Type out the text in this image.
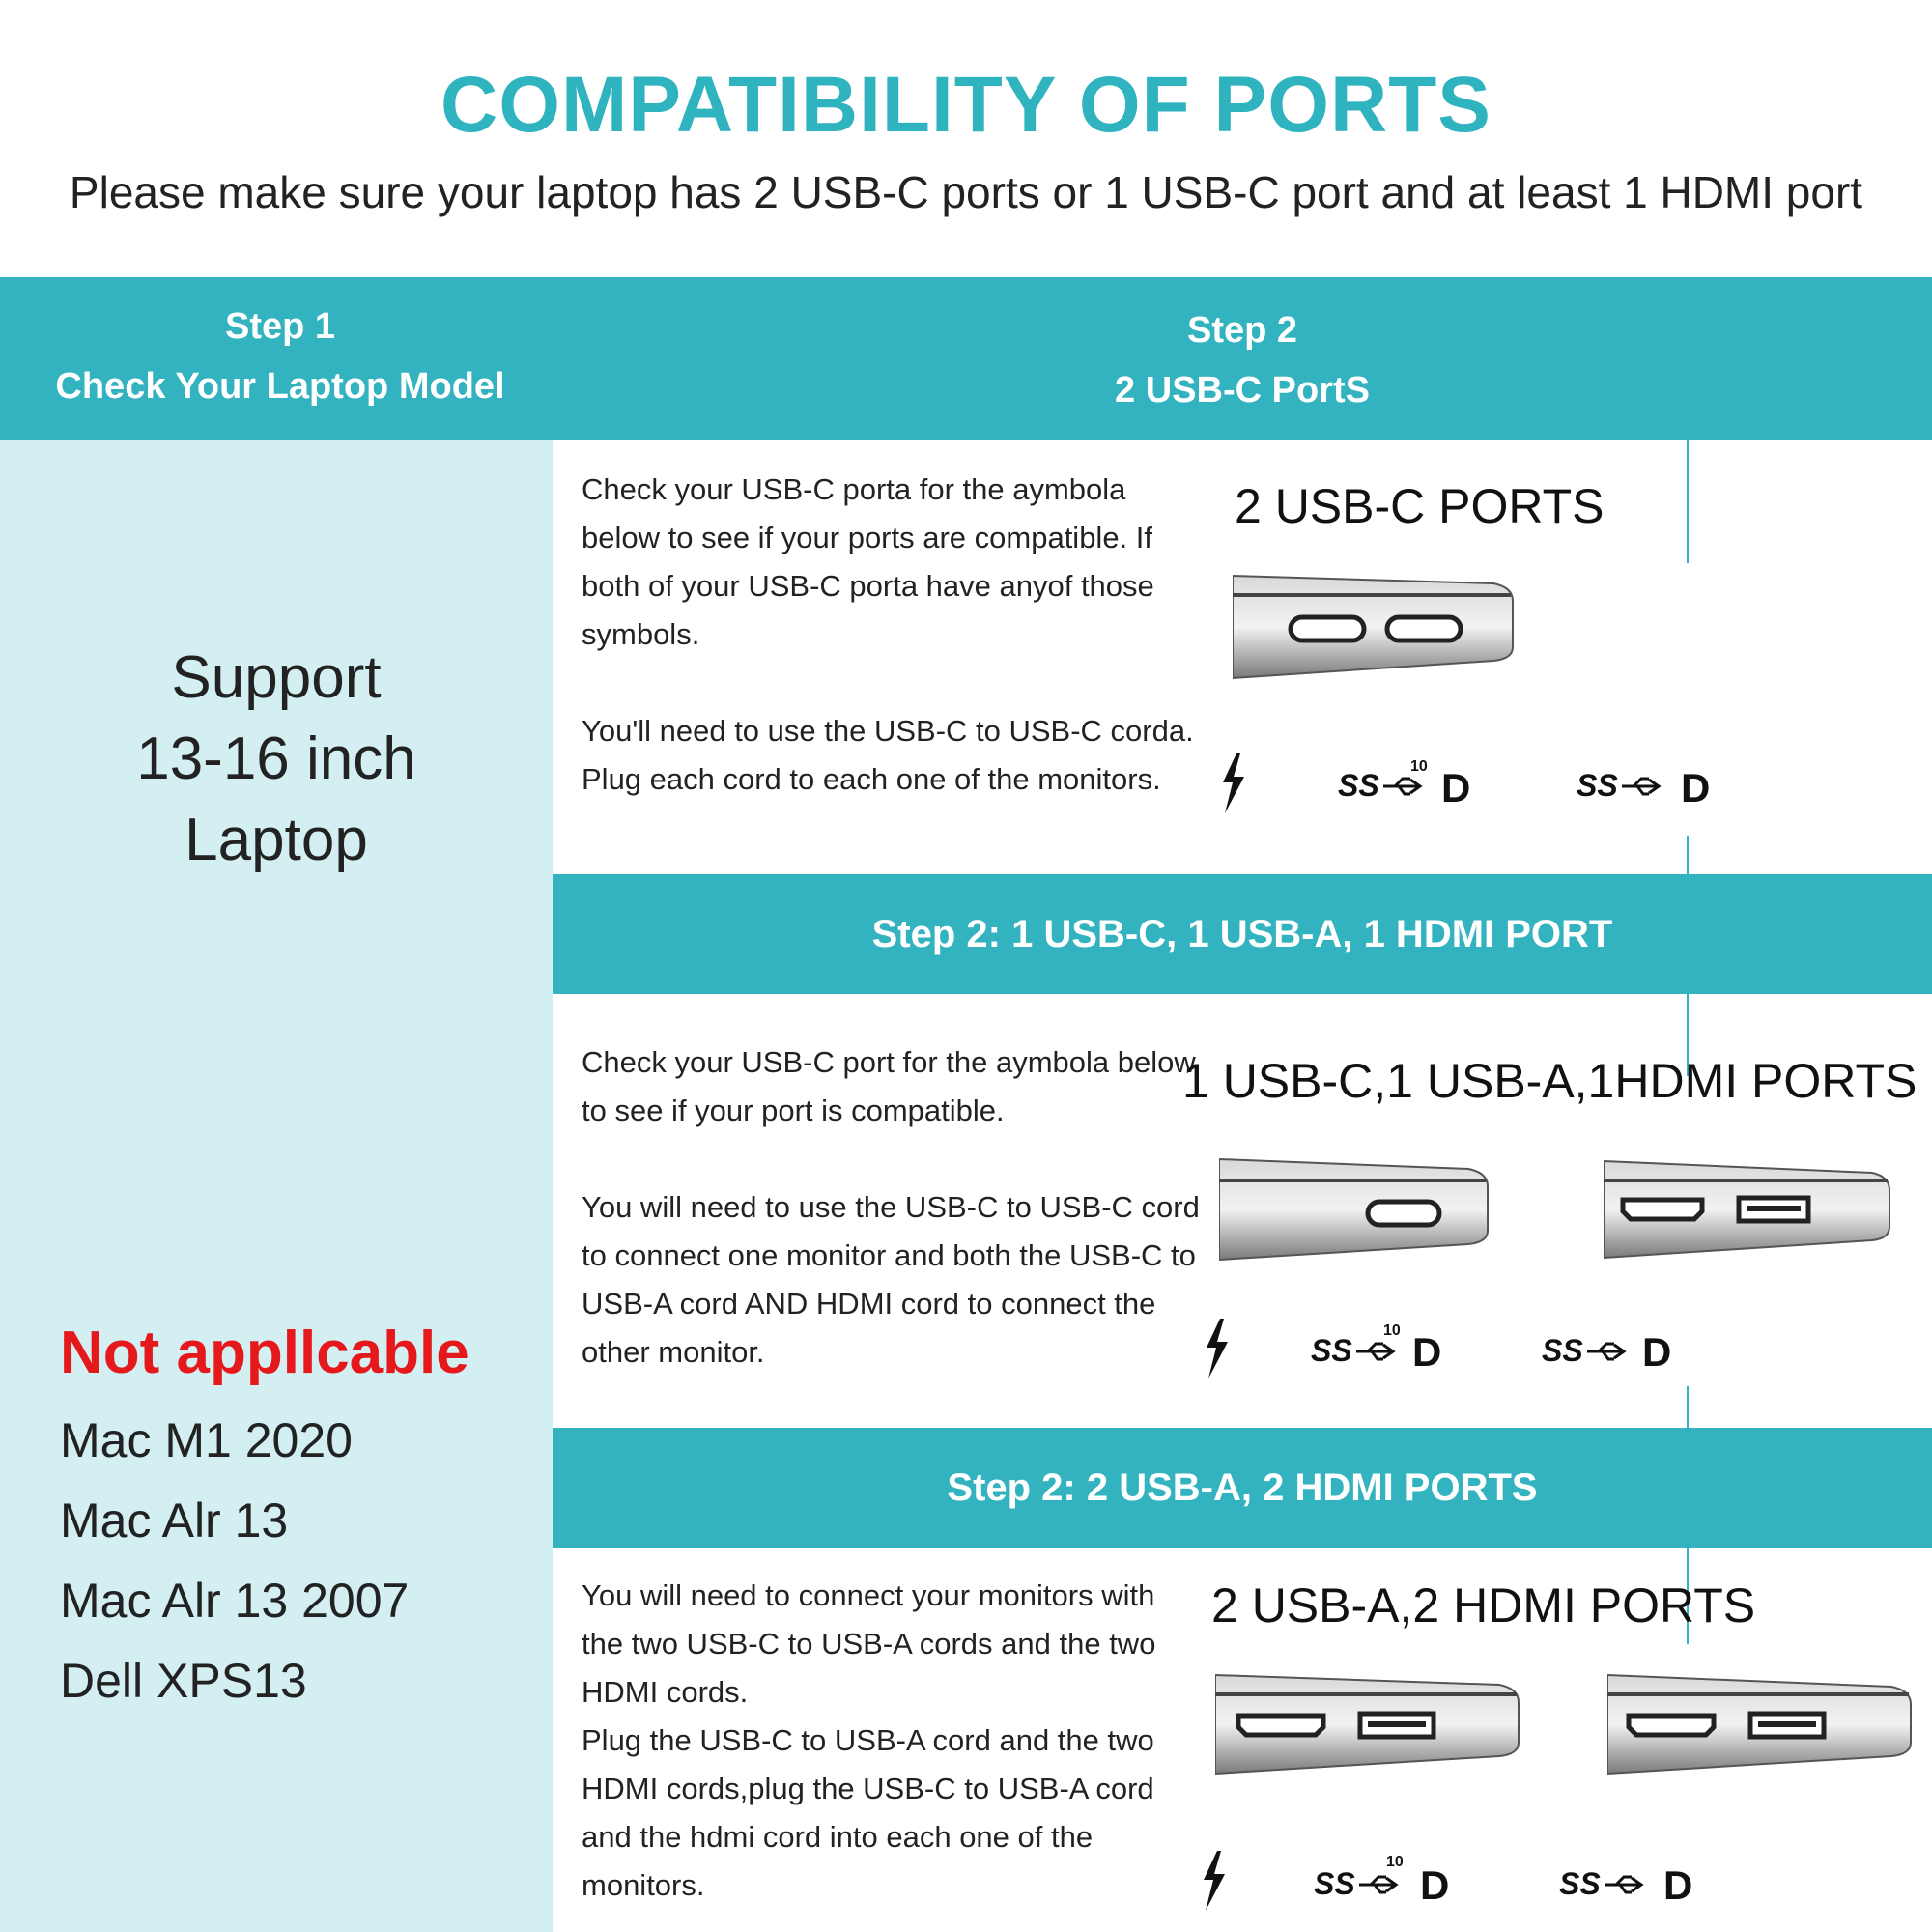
COMPATIBILITY OF PORTS
Please make sure your laptop has 2 USB-C ports or 1 USB-C port and at least 1 HDMI port
Step 1
Check Your Laptop Model
Step 2
2 USB-C PortS
Support
13-16 inch
Laptop
Not appllcable
Mac M1 2020
Mac Alr 13
Mac Alr 13 2007
Dell XPS13

Check your USB-C porta for the aymbola below to see if your ports are compatible. If both of your USB-C porta have anyof those symbols.

You'll need to use the USB-C to USB-C corda. Plug each cord to each one of the monitors.

2 USB-C PORTS
SS
10 D	SS D
Step 2: 1 USB-C, 1 USB-A, 1 HDMI PORT

Check your USB-C port for the aymbola below to see if your port is compatible.

You will need to use the USB-C to USB-C cord to connect one monitor and both the USB-C to USB-A cord AND HDMI cord to connect the other monitor.

1 USB-C,1 USB-A,1HDMI PORTS
SS
10 D	SS D
Step 2: 2 USB-A, 2 HDMI PORTS

You will need to connect your monitors with the two USB-C to USB-A cords and the two HDMI cords.

Plug the USB-C to USB-A cord and the two HDMI cords,plug the USB-C to USB-A cord and the hdmi cord into each one of the monitors.

2 USB-A,2 HDMI PORTS
SS
10
D	SS D
